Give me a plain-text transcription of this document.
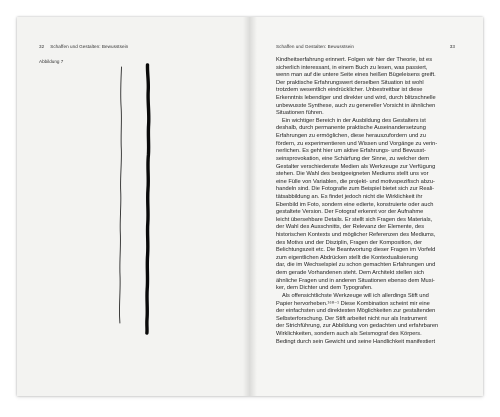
32 Schaffen und Gestalten: Bewusstsein
Abbildung 7
Schaffen und Gestalten: Bewusstsein	33
Kindheitserfahrung erinnert. Folgen wir hier der Theorie, ist es
sicherlich interessant, in einem Buch zu lesen, was passiert,
wenn man auf die untere Seite eines heißen Bügeleisens greift.
Der praktische Erfahrungswert derselben Situation ist wohl
trotzdem wesentlich eindrücklicher. Unbestreitbar ist diese
Erkenntnis lebendiger und direkter und wird, durch blitzschnelle
unbewusste Synthese, auch zu genereller Vorsicht in ähnlichen
Situationen führen.
Ein wichtiger Bereich in der Ausbildung des Gestalters ist
deshalb, durch permanente praktische Auseinandersetzung
Erfahrungen zu ermöglichen, diese herauszufordern und zu
fördern, zu experimentieren und Wissen und Vorgänge zu verin-
nerlichen. Es geht hier um aktive Erfahrungs- und Bewusst-
seinsprovokation, eine Schärfung der Sinne, zu welcher dem
Gestalter verschiedenste Medien als Werkzeuge zur Verfügung
stehen. Die Wahl des bestgeeigneten Mediums stellt uns vor
eine Fülle von Variablen, die projekt- und motivspezifisch abzu-
handeln sind. Die Fotografie zum Beispiel bietet sich zur Reali-
tätsabbildung an. Es findet jedoch nicht die Wirklichkeit ihr
Ebenbild im Foto, sondern eine edierte, konstruierte oder auch
gestaltete Version. Der Fotograf erkennt vor der Aufnahme
leicht übersehbare Details. Er stellt sich Fragen des Materials,
der Wahl des Ausschnitts, der Relevanz der Elemente, des
historischen Kontexts und möglicher Referenzen des Mediums,
des Motivs und der Disziplin, Fragen der Komposition, der
Belichtungszeit etc. Die Beantwortung dieser Fragen im Vorfeld
zum eigentlichen Abdrücken stellt die Kontextualisierung
dar, die im Wechselspiel zu schon gemachten Erfahrungen und
dem gerade Vorhandenen steht. Dem Architekt stellen sich
ähnliche Fragen und in anderen Situationen ebenso dem Musi-
ker, dem Dichter und dem Typografen.
Als offensichtlichste Werkzeuge will ich allerdings Stift und
Papier hervorheben.¹⁶⁸⁻¹ Diese Kombination scheint mir eine
der einfachsten und direktesten Möglichkeiten zur gestaltenden
Selbsterforschung. Der Stift arbeitet nicht nur als Instrument
der Strichführung, zur Abbildung von gedachten und erfahrbaren
Wirklichkeiten, sondern auch als Seismograf des Körpers.
Bedingt durch sein Gewicht und seine Handlichkeit manifestiert
